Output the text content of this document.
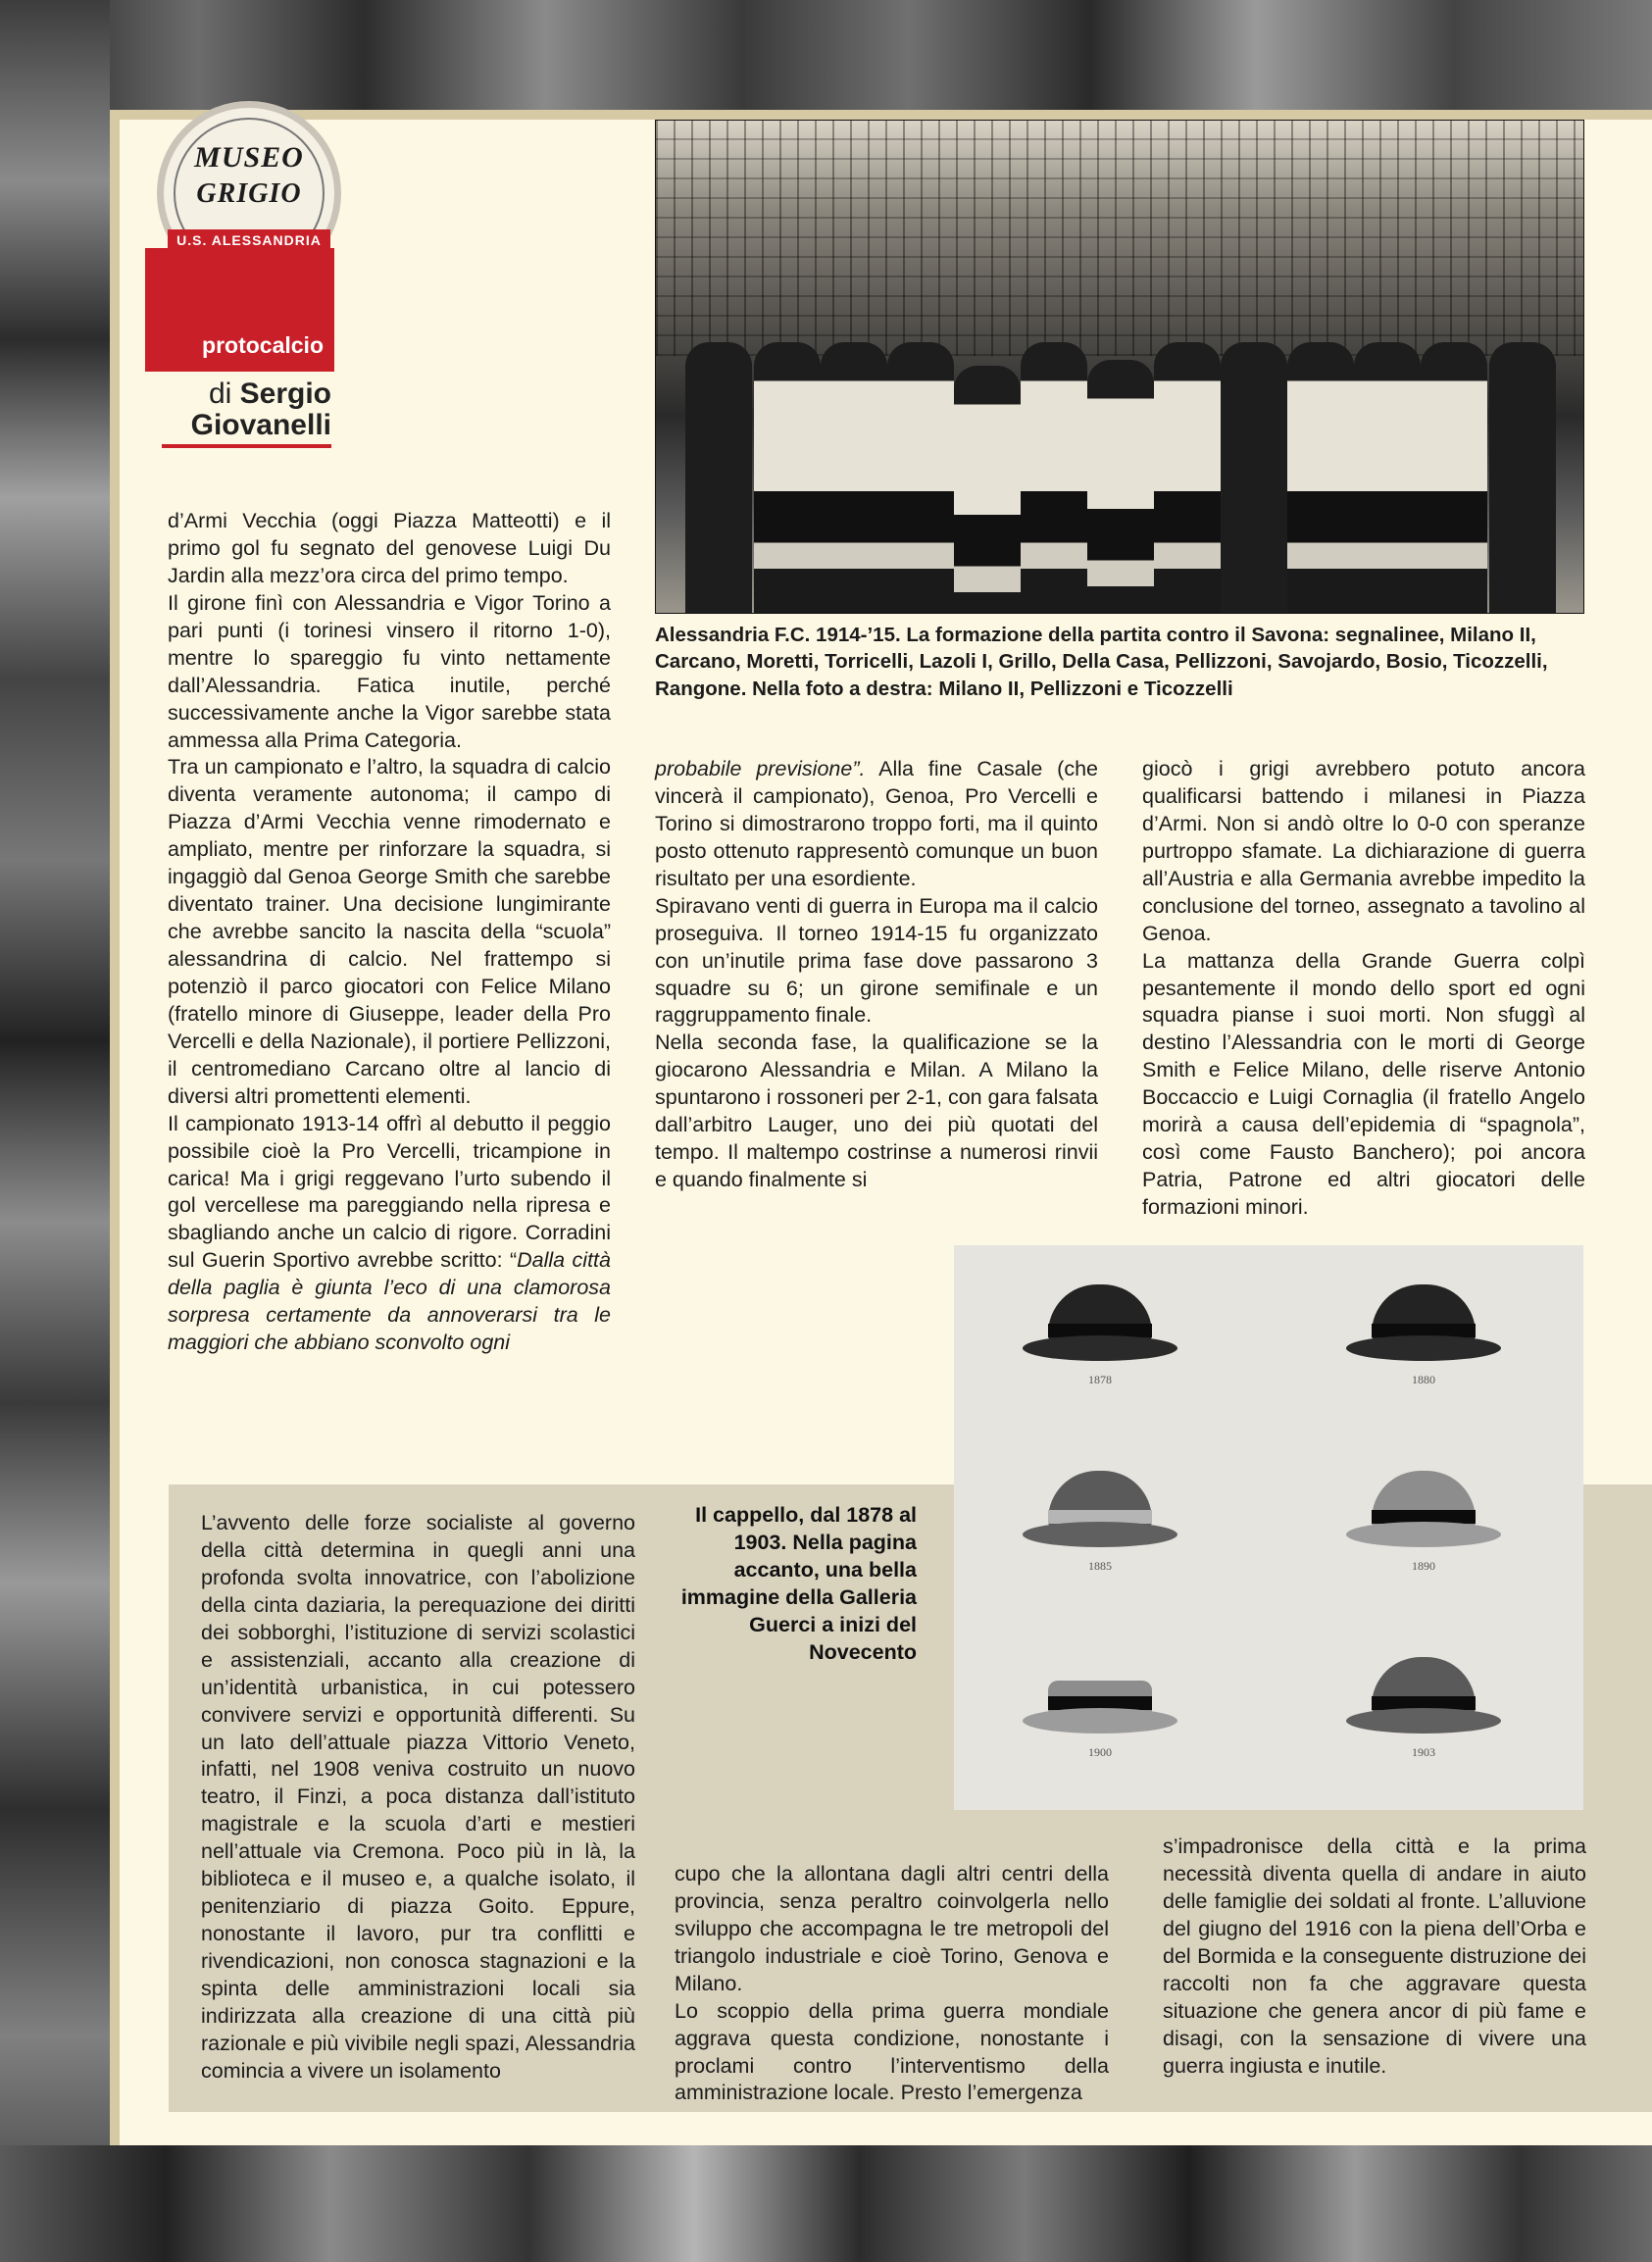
MUSEO
GRIGIO
U.S. ALESSANDRIA
protocalcio
di Sergio
Giovanelli
Alessandria F.C. 1914-’15. La formazione della partita contro il Savona: segnalinee, Milano II, Carcano, Moretti, Torricelli, Lazoli I, Grillo, Della Casa, Pellizzoni, Savojardo, Bosio, Ticozzelli, Rangone. Nella foto a destra: Milano II, Pellizzoni e Ticozzelli

d’Armi Vecchia (oggi Piazza Matteotti) e il primo gol fu segnato del genovese Luigi Du Jardin alla mezz’ora circa del primo tempo.

Il girone finì con Alessandria e Vigor Torino a pari punti (i torinesi vinsero il ritorno 1-0), mentre lo spareggio fu vinto nettamente dall’Alessandria. Fatica inutile, perché successivamente anche la Vigor sarebbe stata ammessa alla Prima Categoria.

Tra un campionato e l’altro, la squadra di calcio diventa veramente autonoma; il campo di Piazza d’Armi Vecchia venne rimodernato e ampliato, mentre per rinforzare la squadra, si ingaggiò dal Genoa George Smith che sarebbe diventato trainer. Una decisione lungimirante che avrebbe sancito la nascita della “scuola” alessandrina di calcio. Nel frattempo si potenziò il parco giocatori con Felice Milano (fratello minore di Giuseppe, leader della Pro Vercelli e della Nazionale), il portiere Pellizzoni, il centromediano Carcano oltre al lancio di diversi altri promettenti elementi.

Il campionato 1913-14 offrì al debutto il peggio possibile cioè la Pro Vercelli, tricampione in carica! Ma i grigi reggevano l’urto subendo il gol vercellese ma pareggiando nella ripresa e sbagliando anche un calcio di rigore. Corradini sul Guerin Sportivo avrebbe scritto: “Dalla città della paglia è giunta l’eco di una clamorosa sorpresa certamente da annoverarsi tra le maggiori che abbiano sconvolto ogni

probabile previsione”. Alla fine Casale (che vincerà il campionato), Genoa, Pro Vercelli e Torino si dimostrarono troppo forti, ma il quinto posto ottenuto rappresentò comunque un buon risultato per una esordiente.

Spiravano venti di guerra in Europa ma il calcio proseguiva. Il torneo 1914-15 fu organizzato con un’inutile prima fase dove passarono 3 squadre su 6; un girone semifinale e un raggruppamento finale.

Nella seconda fase, la qualificazione se la giocarono Alessandria e Milan. A Milano la spuntarono i rossoneri per 2-1, con gara falsata dall’arbitro Lauger, uno dei più quotati del tempo. Il maltempo costrinse a numerosi rinvii e quando finalmente si

giocò i grigi avrebbero potuto ancora qualificarsi battendo i milanesi in Piazza d’Armi. Non si andò oltre lo 0-0 con speranze purtroppo sfamate. La dichiarazione di guerra all’Austria e alla Germania avrebbe impedito la conclusione del torneo, assegnato a tavolino al Genoa.

La mattanza della Grande Guerra colpì pesantemente il mondo dello sport ed ogni squadra pianse i suoi morti. Non sfuggì al destino l’Alessandria con le morti di George Smith e Felice Milano, delle riserve Antonio Boccaccio e Luigi Cornaglia (il fratello Angelo morirà a causa dell’epidemia di “spagnola”, così come Fausto Banchero); poi ancora Patria, Patrone ed altri giocatori delle formazioni minori.

1878	1880
1885	1890
1900	1903
Il cappello, dal 1878 al 1903. Nella pagina accanto, una bella immagine della Galleria Guerci a inizi del Novecento

L’avvento delle forze socialiste al governo della città determina in quegli anni una profonda svolta innovatrice, con l’abolizione della cinta daziaria, la perequazione dei diritti dei sobborghi, l’istituzione di servizi scolastici e assistenziali, accanto alla creazione di un’identità urbanistica, in cui potessero convivere servizi e opportunità differenti. Su un lato dell’attuale piazza Vittorio Veneto, infatti, nel 1908 veniva costruito un nuovo teatro, il Finzi, a poca distanza dall’istituto magistrale e la scuola d’arti e mestieri nell’attuale via Cremona. Poco più in là, la biblioteca e il museo e, a qualche isolato, il penitenziario di piazza Goito. Eppure, nonostante il lavoro, pur tra conflitti e rivendicazioni, non conosca stagnazioni e la spinta delle amministrazioni locali sia indirizzata alla creazione di una città più razionale e più vivibile negli spazi, Alessandria comincia a vivere un isolamento

cupo che la allontana dagli altri centri della provincia, senza peraltro coinvolgerla nello sviluppo che accompagna le tre metropoli del triangolo industriale e cioè Torino, Genova e Milano.
Lo scoppio della prima guerra mondiale aggrava questa condizione, nonostante i proclami contro l’interventismo della amministrazione locale. Presto l’emergenza

s’impadronisce della città e la prima necessità diventa quella di andare in aiuto delle famiglie dei soldati al fronte. L’alluvione del giugno del 1916 con la piena dell’Orba e del Bormida e la conseguente distruzione dei raccolti non fa che aggravare questa situazione che genera ancor di più fame e disagi, con la sensazione di vivere una guerra ingiusta e inutile.
